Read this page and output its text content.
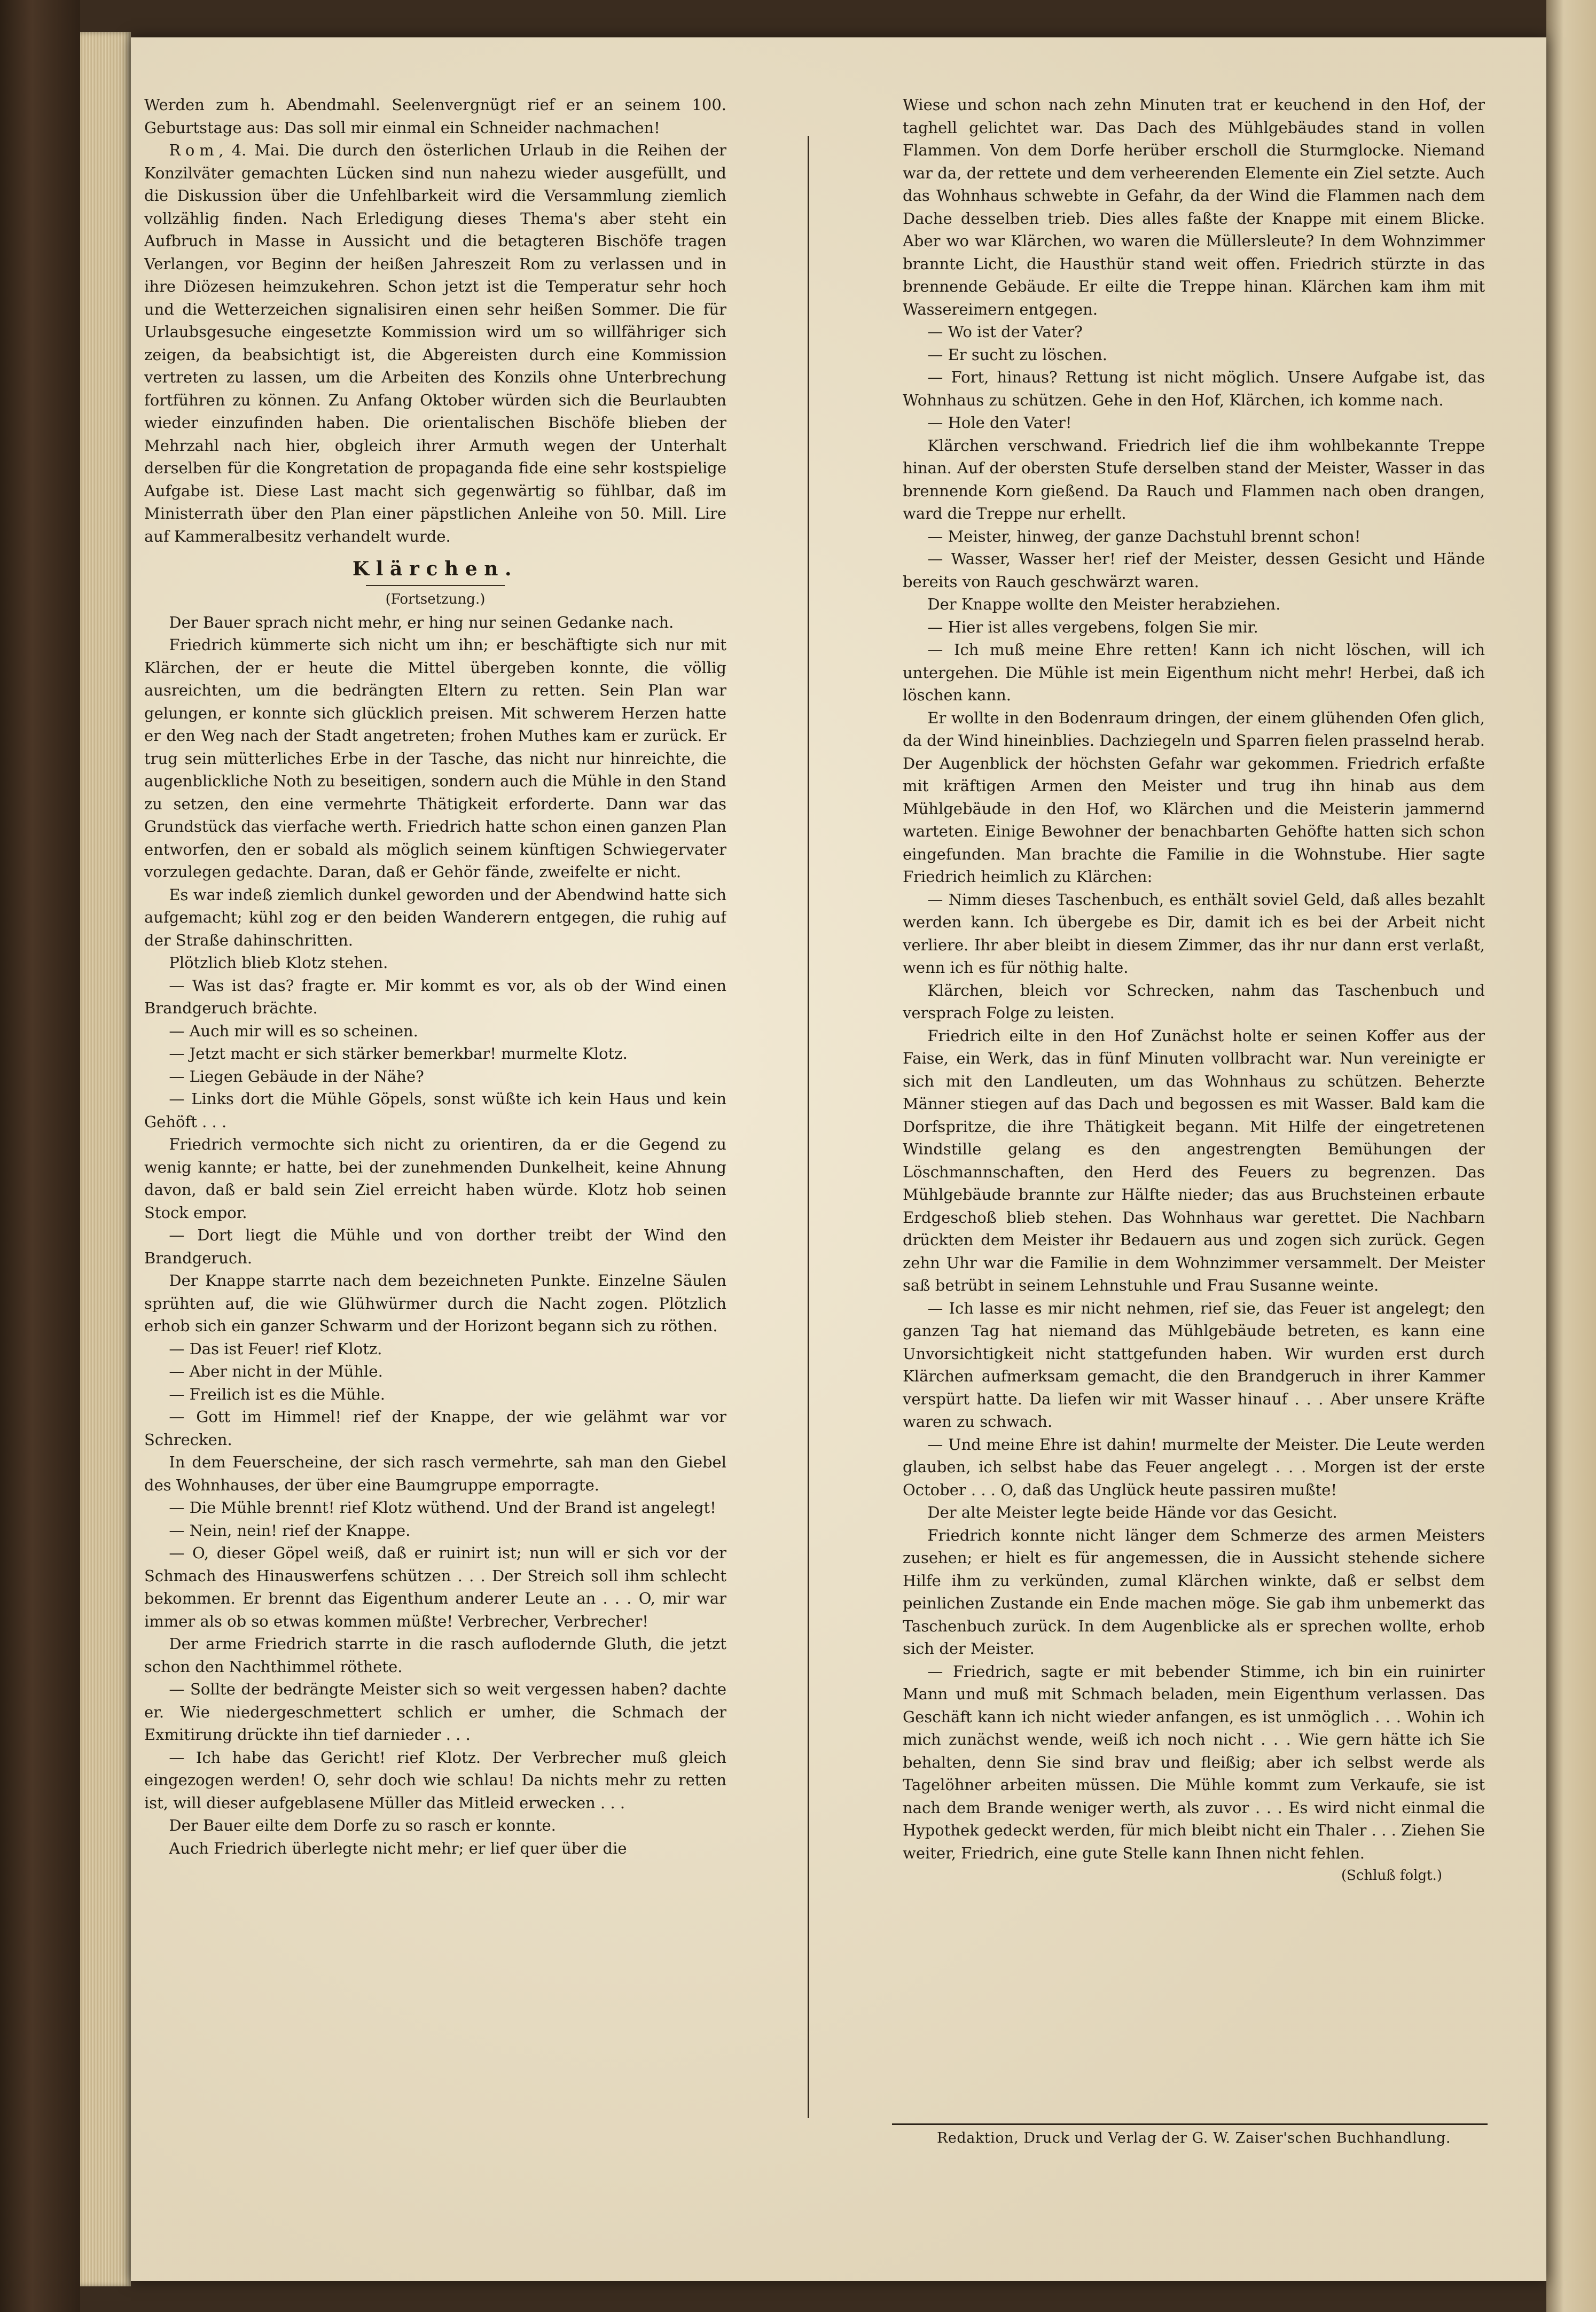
Werden zum h. Abendmahl. Seelenvergnügt rief er an seinem 100. Geburtstage aus: Das soll mir einmal ein Schneider nachmachen!

Rom, 4. Mai. Die durch den österlichen Urlaub in die Reihen der Konzilväter gemachten Lücken sind nun nahezu wieder ausgefüllt, und die Diskussion über die Unfehlbarkeit wird die Versammlung ziemlich vollzählig finden. Nach Erledigung dieses Thema's aber steht ein Aufbruch in Masse in Aussicht und die betagteren Bischöfe tragen Verlangen, vor Beginn der heißen Jahreszeit Rom zu verlassen und in ihre Diözesen heimzukehren. Schon jetzt ist die Temperatur sehr hoch und die Wetterzeichen signalisiren einen sehr heißen Sommer. Die für Urlaubsgesuche eingesetzte Kommission wird um so willfähriger sich zeigen, da beabsichtigt ist, die Abgereisten durch eine Kommission vertreten zu lassen, um die Arbeiten des Konzils ohne Unterbrechung fortführen zu können. Zu Anfang Oktober würden sich die Beurlaubten wieder einzufinden haben. Die orientalischen Bischöfe blieben der Mehrzahl nach hier, obgleich ihrer Armuth wegen der Unterhalt derselben für die Kongretation de propaganda fide eine sehr kostspielige Aufgabe ist. Diese Last macht sich gegenwärtig so fühlbar, daß im Ministerrath über den Plan einer päpstlichen Anleihe von 50. Mill. Lire auf Kammeralbesitz verhandelt wurde.

Klärchen.
(Fortsetzung.)

Der Bauer sprach nicht mehr, er hing nur seinen Gedanke nach.

Friedrich kümmerte sich nicht um ihn; er beschäftigte sich nur mit Klärchen, der er heute die Mittel übergeben konnte, die völlig ausreichten, um die bedrängten Eltern zu retten. Sein Plan war gelungen, er konnte sich glücklich preisen. Mit schwerem Herzen hatte er den Weg nach der Stadt angetreten; frohen Muthes kam er zurück. Er trug sein mütterliches Erbe in der Tasche, das nicht nur hinreichte, die augenblickliche Noth zu beseitigen, sondern auch die Mühle in den Stand zu setzen, den eine vermehrte Thätigkeit erforderte. Dann war das Grundstück das vierfache werth. Friedrich hatte schon einen ganzen Plan entworfen, den er sobald als möglich seinem künftigen Schwiegervater vorzulegen gedachte. Daran, daß er Gehör fände, zweifelte er nicht.

Es war indeß ziemlich dunkel geworden und der Abendwind hatte sich aufgemacht; kühl zog er den beiden Wanderern entgegen, die ruhig auf der Straße dahinschritten.

Plötzlich blieb Klotz stehen.

— Was ist das? fragte er. Mir kommt es vor, als ob der Wind einen Brandgeruch brächte.

— Auch mir will es so scheinen.

— Jetzt macht er sich stärker bemerkbar! murmelte Klotz.

— Liegen Gebäude in der Nähe?

— Links dort die Mühle Göpels, sonst wüßte ich kein Haus und kein Gehöft . . .

Friedrich vermochte sich nicht zu orientiren, da er die Gegend zu wenig kannte; er hatte, bei der zunehmenden Dunkelheit, keine Ahnung davon, daß er bald sein Ziel erreicht haben würde. Klotz hob seinen Stock empor.

— Dort liegt die Mühle und von dorther treibt der Wind den Brandgeruch.

Der Knappe starrte nach dem bezeichneten Punkte. Einzelne Säulen sprühten auf, die wie Glühwürmer durch die Nacht zogen. Plötzlich erhob sich ein ganzer Schwarm und der Horizont begann sich zu röthen.

— Das ist Feuer! rief Klotz.

— Aber nicht in der Mühle.

— Freilich ist es die Mühle.

— Gott im Himmel! rief der Knappe, der wie gelähmt war vor Schrecken.

In dem Feuerscheine, der sich rasch vermehrte, sah man den Giebel des Wohnhauses, der über eine Baumgruppe emporragte.

— Die Mühle brennt! rief Klotz wüthend. Und der Brand ist angelegt!

— Nein, nein! rief der Knappe.

— O, dieser Göpel weiß, daß er ruinirt ist; nun will er sich vor der Schmach des Hinauswerfens schützen . . . Der Streich soll ihm schlecht bekommen. Er brennt das Eigenthum anderer Leute an . . . O, mir war immer als ob so etwas kommen müßte! Verbrecher, Verbrecher!

Der arme Friedrich starrte in die rasch auflodernde Gluth, die jetzt schon den Nachthimmel röthete.

— Sollte der bedrängte Meister sich so weit vergessen haben? dachte er. Wie niedergeschmettert schlich er umher, die Schmach der Exmitirung drückte ihn tief darnieder . . .

— Ich habe das Gericht! rief Klotz. Der Verbrecher muß gleich eingezogen werden! O, sehr doch wie schlau! Da nichts mehr zu retten ist, will dieser aufgeblasene Müller das Mitleid erwecken . . .

Der Bauer eilte dem Dorfe zu so rasch er konnte.

Auch Friedrich überlegte nicht mehr; er lief quer über die

Wiese und schon nach zehn Minuten trat er keuchend in den Hof, der taghell gelichtet war. Das Dach des Mühlgebäudes stand in vollen Flammen. Von dem Dorfe herüber erscholl die Sturmglocke. Niemand war da, der rettete und dem verheerenden Elemente ein Ziel setzte. Auch das Wohnhaus schwebte in Gefahr, da der Wind die Flammen nach dem Dache desselben trieb. Dies alles faßte der Knappe mit einem Blicke. Aber wo war Klärchen, wo waren die Müllersleute? In dem Wohnzimmer brannte Licht, die Hausthür stand weit offen. Friedrich stürzte in das brennende Gebäude. Er eilte die Treppe hinan. Klärchen kam ihm mit Wassereimern entgegen.

— Wo ist der Vater?

— Er sucht zu löschen.

— Fort, hinaus? Rettung ist nicht möglich. Unsere Aufgabe ist, das Wohnhaus zu schützen. Gehe in den Hof, Klärchen, ich komme nach.

— Hole den Vater!

Klärchen verschwand. Friedrich lief die ihm wohlbekannte Treppe hinan. Auf der obersten Stufe derselben stand der Meister, Wasser in das brennende Korn gießend. Da Rauch und Flammen nach oben drangen, ward die Treppe nur erhellt.

— Meister, hinweg, der ganze Dachstuhl brennt schon!

— Wasser, Wasser her! rief der Meister, dessen Gesicht und Hände bereits von Rauch geschwärzt waren.

Der Knappe wollte den Meister herabziehen.

— Hier ist alles vergebens, folgen Sie mir.

— Ich muß meine Ehre retten! Kann ich nicht löschen, will ich untergehen. Die Mühle ist mein Eigenthum nicht mehr! Herbei, daß ich löschen kann.

Er wollte in den Bodenraum dringen, der einem glühenden Ofen glich, da der Wind hineinblies. Dachziegeln und Sparren fielen prasselnd herab. Der Augenblick der höchsten Gefahr war gekommen. Friedrich erfaßte mit kräftigen Armen den Meister und trug ihn hinab aus dem Mühlgebäude in den Hof, wo Klärchen und die Meisterin jammernd warteten. Einige Bewohner der benachbarten Gehöfte hatten sich schon eingefunden. Man brachte die Familie in die Wohnstube. Hier sagte Friedrich heimlich zu Klärchen:

— Nimm dieses Taschenbuch, es enthält soviel Geld, daß alles bezahlt werden kann. Ich übergebe es Dir, damit ich es bei der Arbeit nicht verliere. Ihr aber bleibt in diesem Zimmer, das ihr nur dann erst verlaßt, wenn ich es für nöthig halte.

Klärchen, bleich vor Schrecken, nahm das Taschenbuch und versprach Folge zu leisten.

Friedrich eilte in den Hof Zunächst holte er seinen Koffer aus der Faise, ein Werk, das in fünf Minuten vollbracht war. Nun vereinigte er sich mit den Landleuten, um das Wohnhaus zu schützen. Beherzte Männer stiegen auf das Dach und begossen es mit Wasser. Bald kam die Dorfspritze, die ihre Thätigkeit begann. Mit Hilfe der eingetretenen Windstille gelang es den angestrengten Bemühungen der Löschmannschaften, den Herd des Feuers zu begrenzen. Das Mühlgebäude brannte zur Hälfte nieder; das aus Bruchsteinen erbaute Erdgeschoß blieb stehen. Das Wohnhaus war gerettet. Die Nachbarn drückten dem Meister ihr Bedauern aus und zogen sich zurück. Gegen zehn Uhr war die Familie in dem Wohnzimmer versammelt. Der Meister saß betrübt in seinem Lehnstuhle und Frau Susanne weinte.

— Ich lasse es mir nicht nehmen, rief sie, das Feuer ist angelegt; den ganzen Tag hat niemand das Mühlgebäude betreten, es kann eine Unvorsichtigkeit nicht stattgefunden haben. Wir wurden erst durch Klärchen aufmerksam gemacht, die den Brandgeruch in ihrer Kammer verspürt hatte. Da liefen wir mit Wasser hinauf . . . Aber unsere Kräfte waren zu schwach.

— Und meine Ehre ist dahin! murmelte der Meister. Die Leute werden glauben, ich selbst habe das Feuer angelegt . . . Morgen ist der erste October . . . O, daß das Unglück heute passiren mußte!

Der alte Meister legte beide Hände vor das Gesicht.

Friedrich konnte nicht länger dem Schmerze des armen Meisters zusehen; er hielt es für angemessen, die in Aussicht stehende sichere Hilfe ihm zu verkünden, zumal Klärchen winkte, daß er selbst dem peinlichen Zustande ein Ende machen möge. Sie gab ihm unbemerkt das Taschenbuch zurück. In dem Augenblicke als er sprechen wollte, erhob sich der Meister.

— Friedrich, sagte er mit bebender Stimme, ich bin ein ruinirter Mann und muß mit Schmach beladen, mein Eigenthum verlassen. Das Geschäft kann ich nicht wieder anfangen, es ist unmöglich . . . Wohin ich mich zunächst wende, weiß ich noch nicht . . . Wie gern hätte ich Sie behalten, denn Sie sind brav und fleißig; aber ich selbst werde als Tagelöhner arbeiten müssen. Die Mühle kommt zum Verkaufe, sie ist nach dem Brande weniger werth, als zuvor . . . Es wird nicht einmal die Hypothek gedeckt werden, für mich bleibt nicht ein Thaler . . . Ziehen Sie weiter, Friedrich, eine gute Stelle kann Ihnen nicht fehlen.

(Schluß folgt.)
Redaktion, Druck und Verlag der G. W. Zaiser'schen Buchhandlung.
